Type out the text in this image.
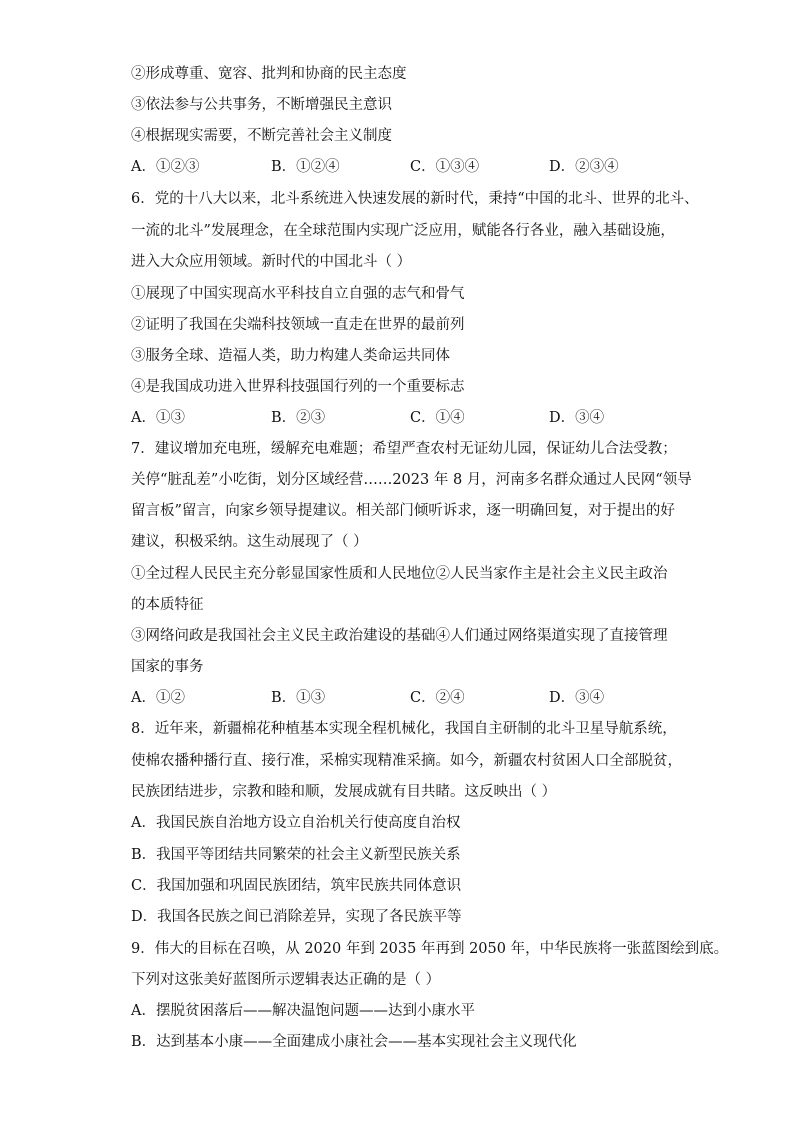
②形成尊重、宽容、批判和协商的民主态度
③依法参与公共事务，不断增强民主意识
④根据现实需要，不断完善社会主义制度
A．①②③	B．①②④	C．①③④	D．②③④
6．党的十八大以来，北斗系统进入快速发展的新时代，秉持“中国的北斗、世界的北斗、
一流的北斗”发展理念，在全球范围内实现广泛应用，赋能各行各业，融入基础设施，
进入大众应用领域。新时代的中国北斗（ ）
①展现了中国实现高水平科技自立自强的志气和骨气
②证明了我国在尖端科技领域一直走在世界的最前列
③服务全球、造福人类，助力构建人类命运共同体
④是我国成功进入世界科技强国行列的一个重要标志
A．①③	B．②③	C．①④	D．③④
7．建议增加充电班，缓解充电难题；希望严查农村无证幼儿园，保证幼儿合法受教；
关停“脏乱差”小吃街，划分区域经营……2023 年 8 月，河南多名群众通过人民网“领导
留言板”留言，向家乡领导提建议。相关部门倾听诉求，逐一明确回复，对于提出的好
建议，积极采纳。这生动展现了（ ）
①全过程人民民主充分彰显国家性质和人民地位②人民当家作主是社会主义民主政治
的本质特征
③网络问政是我国社会主义民主政治建设的基础④人们通过网络渠道实现了直接管理
国家的事务
A．①②	B．①③	C．②④	D．③④
8．近年来，新疆棉花种植基本实现全程机械化，我国自主研制的北斗卫星导航系统，
使棉农播种播行直、接行准，采棉实现精准采摘。如今，新疆农村贫困人口全部脱贫，
民族团结进步，宗教和睦和顺，发展成就有目共睹。这反映出（ ）
A．我国民族自治地方设立自治机关行使高度自治权
B．我国平等团结共同繁荣的社会主义新型民族关系
C．我国加强和巩固民族团结，筑牢民族共同体意识
D．我国各民族之间已消除差异，实现了各民族平等
9．伟大的目标在召唤，从 2020 年到 2035 年再到 2050 年，中华民族将一张蓝图绘到底。
下列对这张美好蓝图所示逻辑表达正确的是（ ）
A．摆脱贫困落后——解决温饱问题——达到小康水平
B．达到基本小康——全面建成小康社会——基本实现社会主义现代化
